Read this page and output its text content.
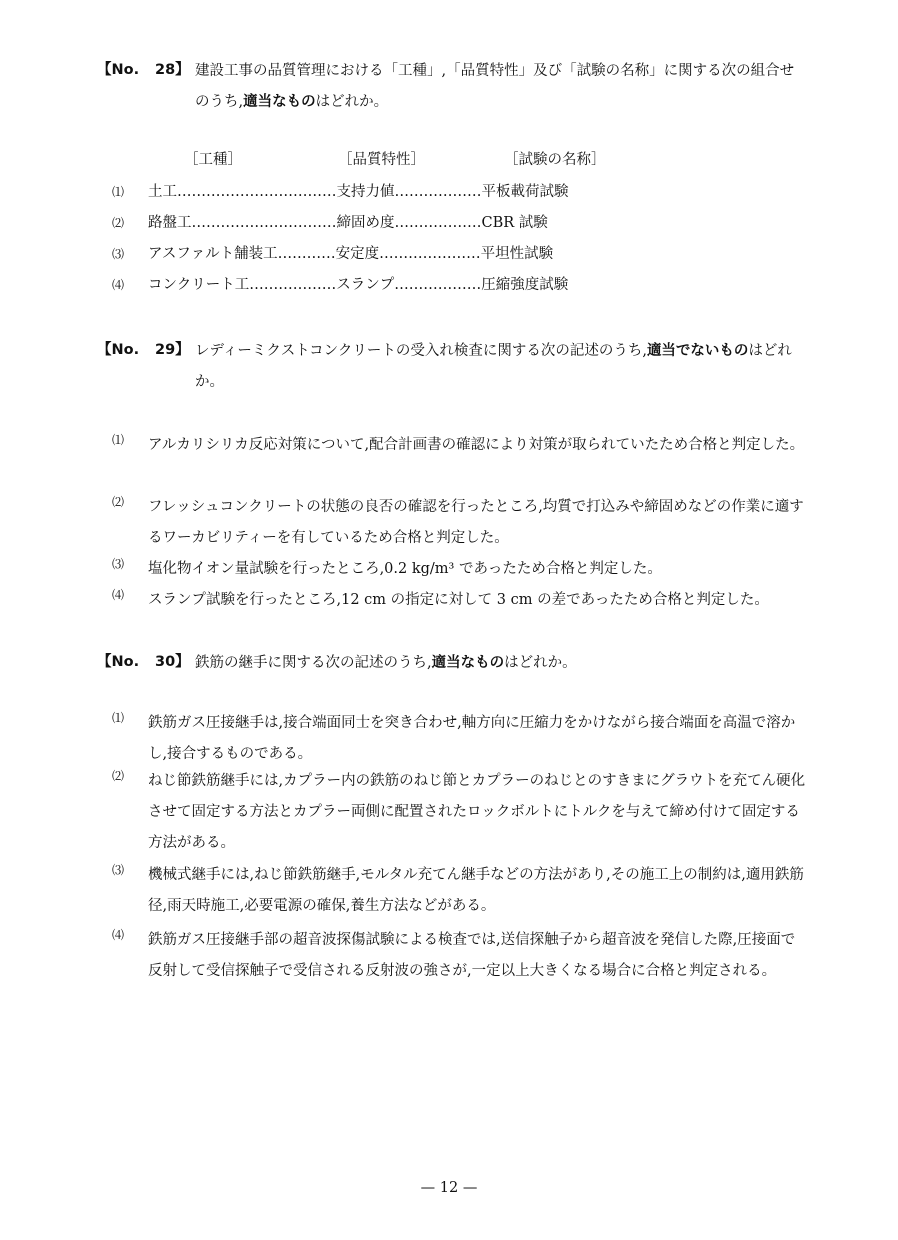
【No. 28】 建設工事の品質管理における「工種」,「品質特性」及び「試験の名称」に関する次の組合せのうち,適当なものはどれか。
［工種］	［品質特性］	［試験の名称］
⑴ 土工……………………………支持力値………………平板載荷試験
⑵ 路盤工…………………………締固め度………………CBR 試験
⑶ アスファルト舗装工…………安定度…………………平坦性試験
⑷ コンクリート工………………スランプ………………圧縮強度試験
【No. 29】 レディーミクストコンクリートの受入れ検査に関する次の記述のうち,適当でないものはどれか。
⑴ アルカリシリカ反応対策について,配合計画書の確認により対策が取られていたため合格と判定した。
⑵ フレッシュコンクリートの状態の良否の確認を行ったところ,均質で打込みや締固めなどの作業に適するワーカビリティーを有しているため合格と判定した。
⑶ 塩化物イオン量試験を行ったところ,0.2 kg/m³ であったため合格と判定した。
⑷ スランプ試験を行ったところ,12 cm の指定に対して 3 cm の差であったため合格と判定した。
【No. 30】 鉄筋の継手に関する次の記述のうち,適当なものはどれか。
⑴ 鉄筋ガス圧接継手は,接合端面同士を突き合わせ,軸方向に圧縮力をかけながら接合端面を高温で溶かし,接合するものである。
⑵ ねじ節鉄筋継手には,カプラー内の鉄筋のねじ節とカプラーのねじとのすきまにグラウトを充てん硬化させて固定する方法とカプラー両側に配置されたロックボルトにトルクを与えて締め付けて固定する方法がある。
⑶ 機械式継手には,ねじ節鉄筋継手,モルタル充てん継手などの方法があり,その施工上の制約は,適用鉄筋径,雨天時施工,必要電源の確保,養生方法などがある。
⑷ 鉄筋ガス圧接継手部の超音波探傷試験による検査では,送信探触子から超音波を発信した際,圧接面で反射して受信探触子で受信される反射波の強さが,一定以上大きくなる場合に合格と判定される。
— 12 —
